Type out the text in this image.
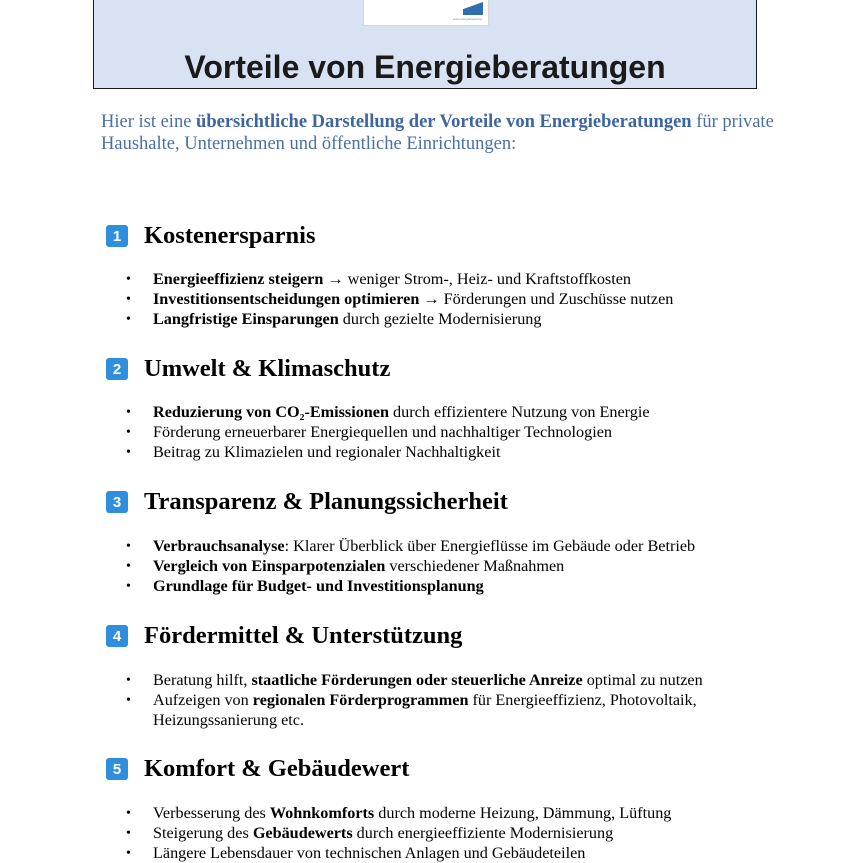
www.energieberatung
Vorteile von Energieberatungen

Hier ist eine übersichtliche Darstellung der Vorteile von Energieberatungen für private Haushalte, Unternehmen und öffentliche Einrichtungen:

1 Kostenersparnis
• Energieeffizienz steigern → weniger Strom-, Heiz- und Kraftstoffkosten
• Investitionsentscheidungen optimieren → Förderungen und Zuschüsse nutzen
• Langfristige Einsparungen durch gezielte Modernisierung
2 Umwelt & Klimaschutz
• Reduzierung von CO₂-Emissionen durch effizientere Nutzung von Energie
• Förderung erneuerbarer Energiequellen und nachhaltiger Technologien
• Beitrag zu Klimazielen und regionaler Nachhaltigkeit
3 Transparenz & Planungssicherheit
• Verbrauchsanalyse: Klarer Überblick über Energieflüsse im Gebäude oder Betrieb
• Vergleich von Einsparpotenzialen verschiedener Maßnahmen
• Grundlage für Budget- und Investitionsplanung
4 Fördermittel & Unterstützung
• Beratung hilft, staatliche Förderungen oder steuerliche Anreize optimal zu nutzen
• Aufzeigen von regionalen Förderprogrammen für Energieeffizienz, Photovoltaik, Heizungssanierung etc.
5 Komfort & Gebäudewert
• Verbesserung des Wohnkomforts durch moderne Heizung, Dämmung, Lüftung
• Steigerung des Gebäudewerts durch energieeffiziente Modernisierung
• Längere Lebensdauer von technischen Anlagen und Gebäudeteilen
